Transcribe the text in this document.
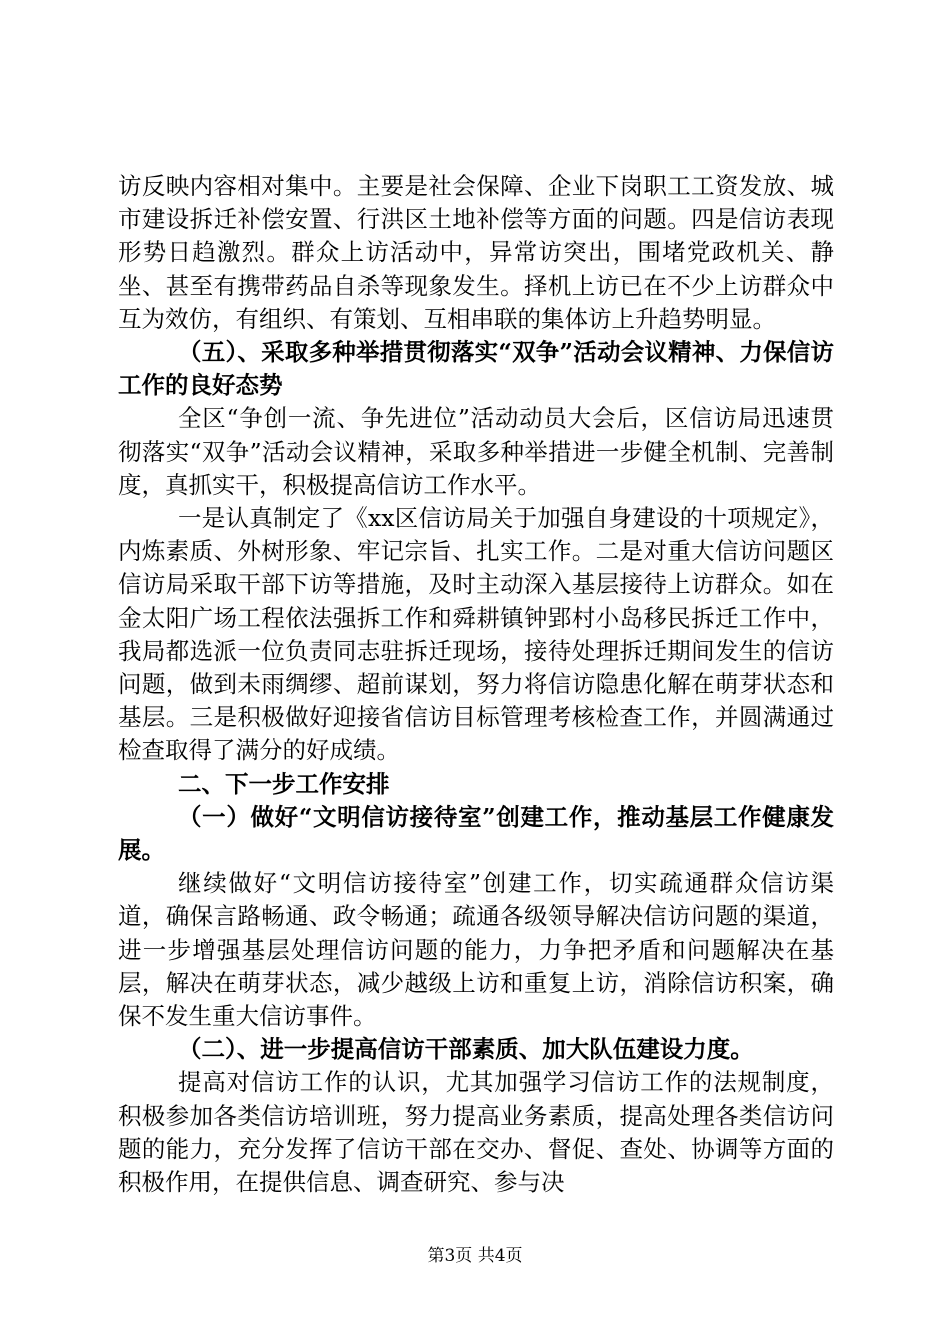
访反映内容相对集中。主要是社会保障、企业下岗职工工资发放、城市建设拆迁补偿安置、行洪区土地补偿等方面的问题。四是信访表现形势日趋激烈。群众上访活动中，异常访突出，围堵党政机关、静坐、甚至有携带药品自杀等现象发生。择机上访已在不少上访群众中互为效仿，有组织、有策划、互相串联的集体访上升趋势明显。

（五）、采取多种举措贯彻落实“双争”活动会议精神、力保信访工作的良好态势

全区“争创一流、争先进位”活动动员大会后，区信访局迅速贯彻落实“双争”活动会议精神，采取多种举措进一步健全机制、完善制度，真抓实干，积极提高信访工作水平。

一是认真制定了《xx区信访局关于加强自身建设的十项规定》，内炼素质、外树形象、牢记宗旨、扎实工作。二是对重大信访问题区信访局采取干部下访等措施，及时主动深入基层接待上访群众。如在金太阳广场工程依法强拆工作和舜耕镇钟郢村小岛移民拆迁工作中，我局都选派一位负责同志驻拆迁现场，接待处理拆迁期间发生的信访问题，做到未雨绸缪、超前谋划，努力将信访隐患化解在萌芽状态和基层。三是积极做好迎接省信访目标管理考核检查工作，并圆满通过检查取得了满分的好成绩。

二、下一步工作安排

（一）做好“文明信访接待室”创建工作，推动基层工作健康发展。

继续做好“文明信访接待室”创建工作，切实疏通群众信访渠道，确保言路畅通、政令畅通；疏通各级领导解决信访问题的渠道，进一步增强基层处理信访问题的能力，力争把矛盾和问题解决在基层，解决在萌芽状态，减少越级上访和重复上访，消除信访积案，确保不发生重大信访事件。

（二）、进一步提高信访干部素质、加大队伍建设力度。

提高对信访工作的认识，尤其加强学习信访工作的法规制度，积极参加各类信访培训班，努力提高业务素质，提高处理各类信访问题的能力，充分发挥了信访干部在交办、督促、查处、协调等方面的积极作用，在提供信息、调查研究、参与决

第3页 共4页
